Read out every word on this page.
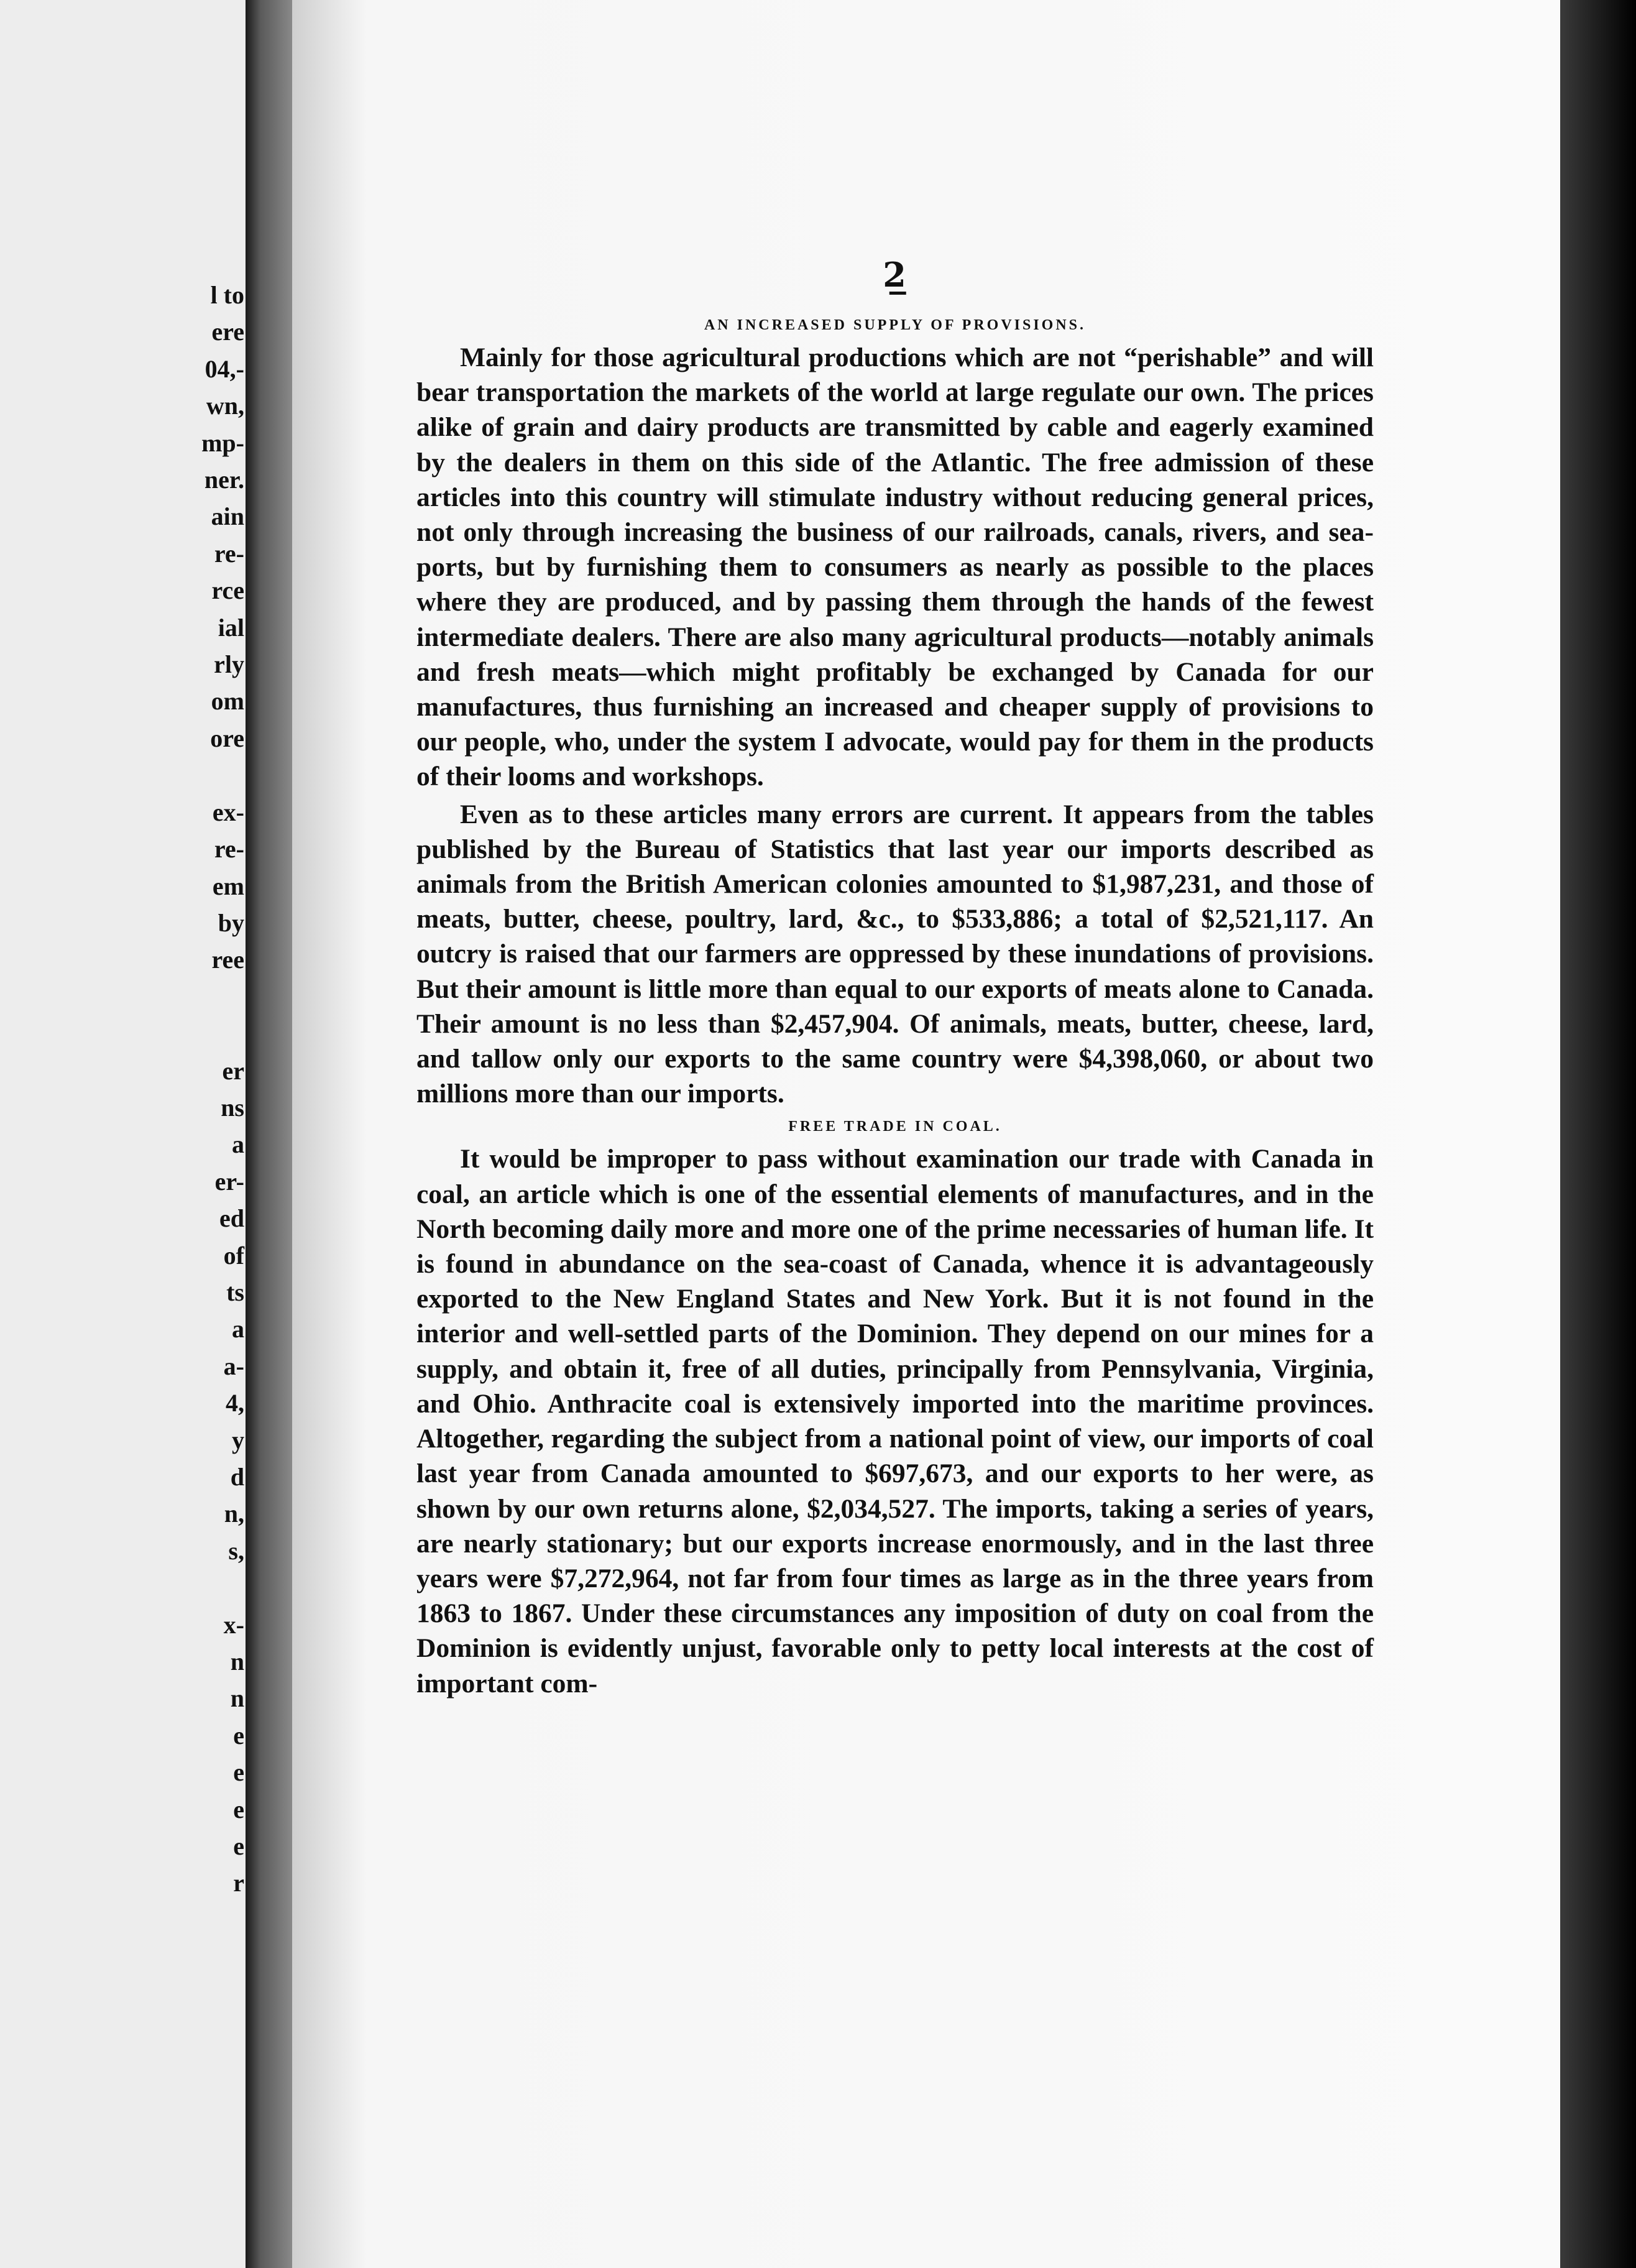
l to
ere
04,-
wn,
mp-
ner.
ain
re-
rce
ial
rly
om
ore

ex-
re-
em
by
ree

er
ns
a
er-
ed
of
ts
a
a-
4,
y
d
n,
s,

x-
n
n
e
e
e
e
r
2̲
AN INCREASED SUPPLY OF PROVISIONS.

Mainly for those agricultural productions which are not “perishable” and will bear transportation the markets of the world at large regulate our own. The prices alike of grain and dairy products are transmitted by cable and eagerly examined by the dealers in them on this side of the Atlantic. The free admission of these articles into this country will stimulate industry without reducing general prices, not only through increasing the business of our railroads, canals, rivers, and sea-ports, but by furnishing them to consumers as nearly as possible to the places where they are produced, and by passing them through the hands of the fewest intermediate dealers. There are also many agricultural products—notably animals and fresh meats—which might profitably be exchanged by Canada for our manufactures, thus furnishing an increased and cheaper supply of provisions to our people, who, under the system I advocate, would pay for them in the products of their looms and workshops.

Even as to these articles many errors are current. It appears from the tables published by the Bureau of Statistics that last year our imports described as animals from the British American colonies amounted to $1,987,231, and those of meats, butter, cheese, poultry, lard, &c., to $533,886; a total of $2,521,117. An outcry is raised that our farmers are oppressed by these inundations of provisions. But their amount is little more than equal to our exports of meats alone to Canada. Their amount is no less than $2,457,904. Of animals, meats, butter, cheese, lard, and tallow only our exports to the same country were $4,398,060, or about two millions more than our imports.

FREE TRADE IN COAL.

It would be improper to pass without examination our trade with Canada in coal, an article which is one of the essential elements of manufactures, and in the North becoming daily more and more one of the prime necessaries of human life. It is found in abundance on the sea-coast of Canada, whence it is advantageously exported to the New England States and New York. But it is not found in the interior and well-settled parts of the Dominion. They depend on our mines for a supply, and obtain it, free of all duties, principally from Pennsylvania, Virginia, and Ohio. Anthracite coal is extensively imported into the maritime provinces. Altogether, regarding the subject from a national point of view, our imports of coal last year from Canada amounted to $697,673, and our exports to her were, as shown by our own returns alone, $2,034,527. The imports, taking a series of years, are nearly stationary; but our exports increase enormously, and in the last three years were $7,272,964, not far from four times as large as in the three years from 1863 to 1867. Under these circumstances any imposition of duty on coal from the Dominion is evidently unjust, favorable only to petty local interests at the cost of important com-
